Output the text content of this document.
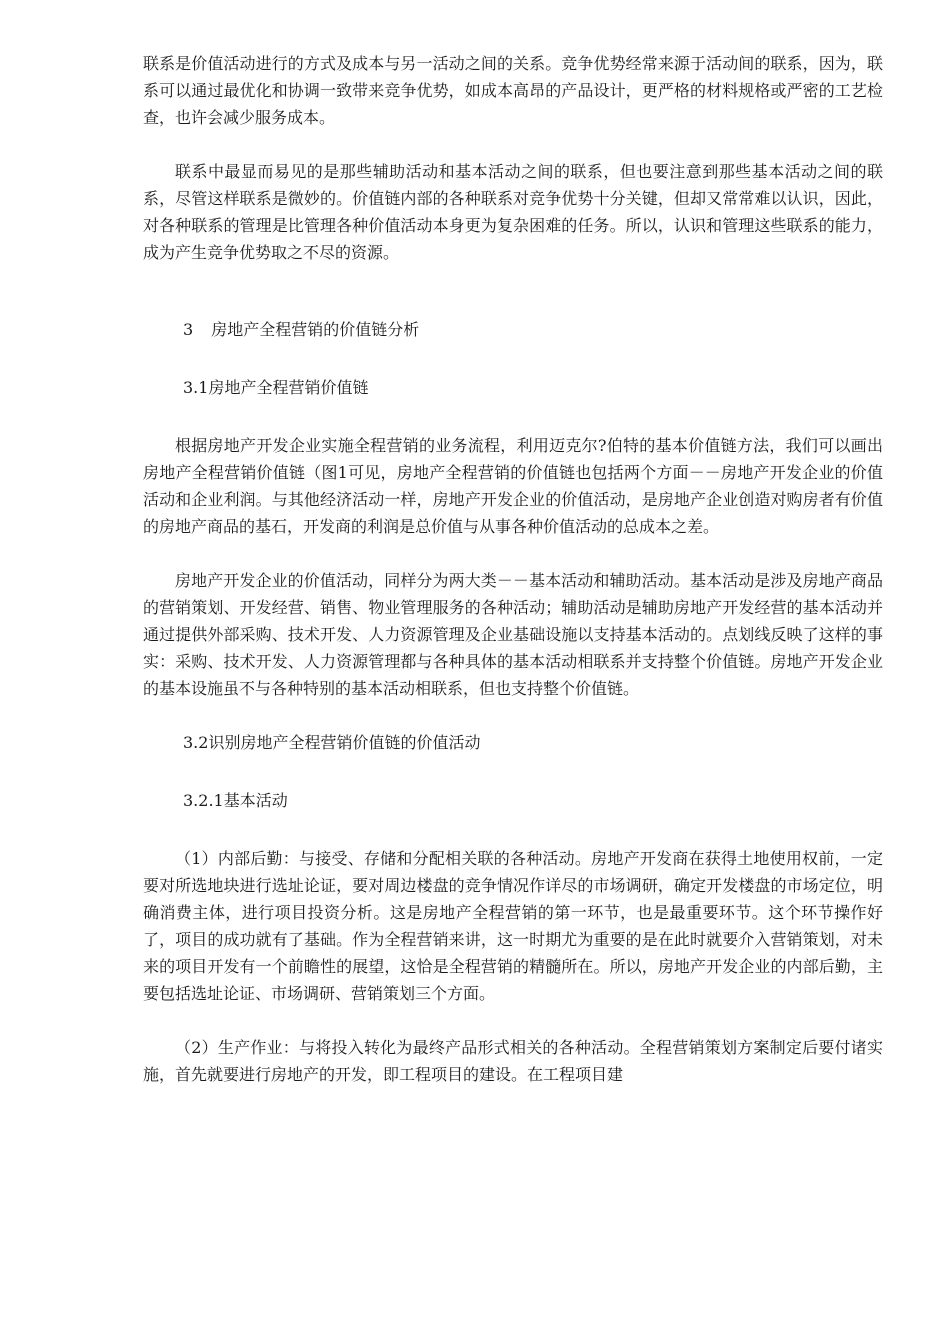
联系是价值活动进行的方式及成本与另一活动之间的关系。竞争优势经常来源于活动间的联系，因为，联系可以通过最优化和协调一致带来竞争优势，如成本高昂的产品设计，更严格的材料规格或严密的工艺检查，也许会减少服务成本。

联系中最显而易见的是那些辅助活动和基本活动之间的联系，但也要注意到那些基本活动之间的联系，尽管这样联系是微妙的。价值链内部的各种联系对竞争优势十分关键，但却又常常难以认识，因此，对各种联系的管理是比管理各种价值活动本身更为复杂困难的任务。所以，认识和管理这些联系的能力，成为产生竞争优势取之不尽的资源。

3 房地产全程营销的价值链分析
3.1房地产全程营销价值链

根据房地产开发企业实施全程营销的业务流程，利用迈克尔?伯特的基本价值链方法，我们可以画出房地产全程营销价值链（图1可见，房地产全程营销的价值链也包括两个方面－－房地产开发企业的价值活动和企业利润。与其他经济活动一样，房地产开发企业的价值活动，是房地产企业创造对购房者有价值的房地产商品的基石，开发商的利润是总价值与从事各种价值活动的总成本之差。

房地产开发企业的价值活动，同样分为两大类－－基本活动和辅助活动。基本活动是涉及房地产商品的营销策划、开发经营、销售、物业管理服务的各种活动；辅助活动是辅助房地产开发经营的基本活动并通过提供外部采购、技术开发、人力资源管理及企业基础设施以支持基本活动的。点划线反映了这样的事实：采购、技术开发、人力资源管理都与各种具体的基本活动相联系并支持整个价值链。房地产开发企业的基本设施虽不与各种特别的基本活动相联系，但也支持整个价值链。

3.2识别房地产全程营销价值链的价值活动
3.2.1基本活动

（1）内部后勤：与接受、存储和分配相关联的各种活动。房地产开发商在获得土地使用权前，一定要对所选地块进行选址论证，要对周边楼盘的竞争情况作详尽的市场调研，确定开发楼盘的市场定位，明确消费主体，进行项目投资分析。这是房地产全程营销的第一环节，也是最重要环节。这个环节操作好了，项目的成功就有了基础。作为全程营销来讲，这一时期尤为重要的是在此时就要介入营销策划，对未来的项目开发有一个前瞻性的展望，这恰是全程营销的精髓所在。所以，房地产开发企业的内部后勤，主要包括选址论证、市场调研、营销策划三个方面。

（2）生产作业：与将投入转化为最终产品形式相关的各种活动。全程营销策划方案制定后要付诸实施，首先就要进行房地产的开发，即工程项目的建设。在工程项目建
